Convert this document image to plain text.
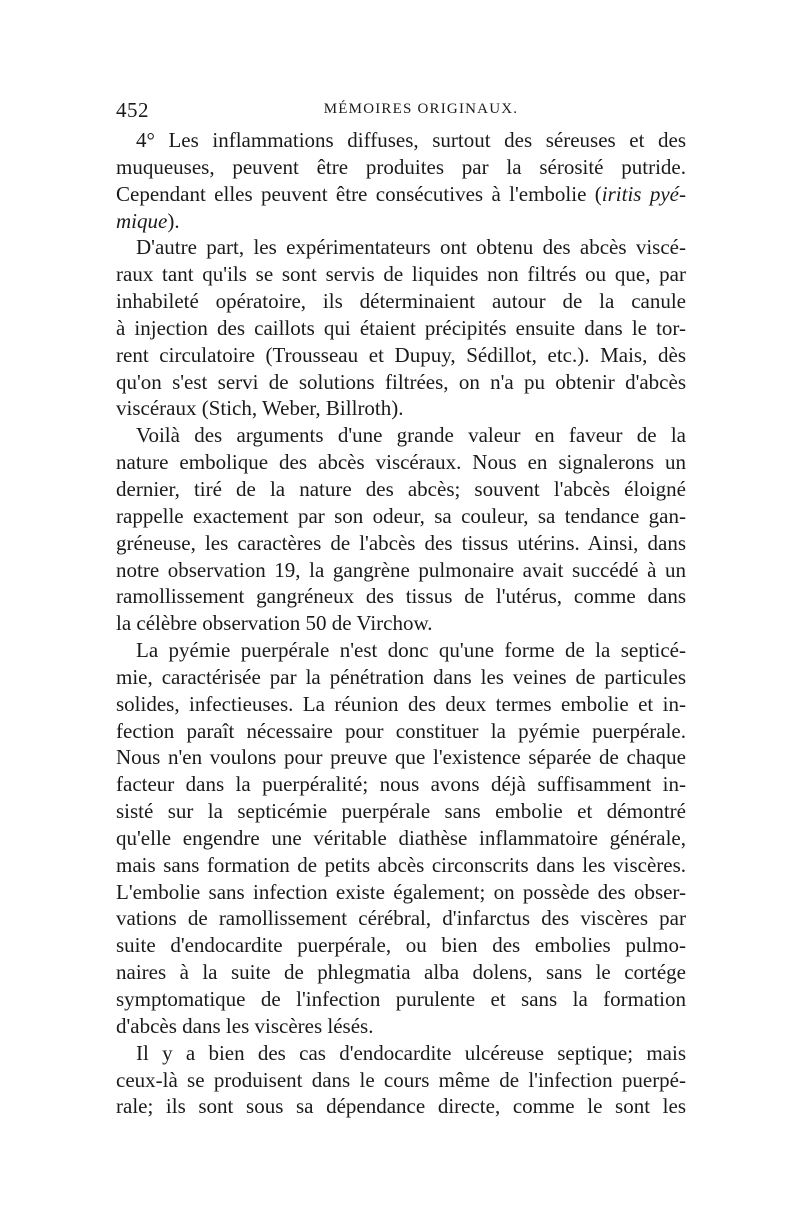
452	MÉMOIRES ORIGINAUX.
4° Les inflammations diffuses, surtout des séreuses et des
muqueuses, peuvent être produites par la sérosité putride.
Cependant elles peuvent être consécutives à l'embolie (iritis pyé-
mique).
D'autre part, les expérimentateurs ont obtenu des abcès viscé-
raux tant qu'ils se sont servis de liquides non filtrés ou que, par
inhabileté opératoire, ils déterminaient autour de la canule
à injection des caillots qui étaient précipités ensuite dans le tor-
rent circulatoire (Trousseau et Dupuy, Sédillot, etc.). Mais, dès
qu'on s'est servi de solutions filtrées, on n'a pu obtenir d'abcès
viscéraux (Stich, Weber, Billroth).
Voilà des arguments d'une grande valeur en faveur de la
nature embolique des abcès viscéraux. Nous en signalerons un
dernier, tiré de la nature des abcès; souvent l'abcès éloigné
rappelle exactement par son odeur, sa couleur, sa tendance gan-
gréneuse, les caractères de l'abcès des tissus utérins. Ainsi, dans
notre observation 19, la gangrène pulmonaire avait succédé à un
ramollissement gangréneux des tissus de l'utérus, comme dans
la célèbre observation 50 de Virchow.
La pyémie puerpérale n'est donc qu'une forme de la septicé-
mie, caractérisée par la pénétration dans les veines de particules
solides, infectieuses. La réunion des deux termes embolie et in-
fection paraît nécessaire pour constituer la pyémie puerpérale.
Nous n'en voulons pour preuve que l'existence séparée de chaque
facteur dans la puerpéralité; nous avons déjà suffisamment in-
sisté sur la septicémie puerpérale sans embolie et démontré
qu'elle engendre une véritable diathèse inflammatoire générale,
mais sans formation de petits abcès circonscrits dans les viscères.
L'embolie sans infection existe également; on possède des obser-
vations de ramollissement cérébral, d'infarctus des viscères par
suite d'endocardite puerpérale, ou bien des embolies pulmo-
naires à la suite de phlegmatia alba dolens, sans le cortége
symptomatique de l'infection purulente et sans la formation
d'abcès dans les viscères lésés.
Il y a bien des cas d'endocardite ulcéreuse septique; mais
ceux-là se produisent dans le cours même de l'infection puerpé-
rale; ils sont sous sa dépendance directe, comme le sont les
